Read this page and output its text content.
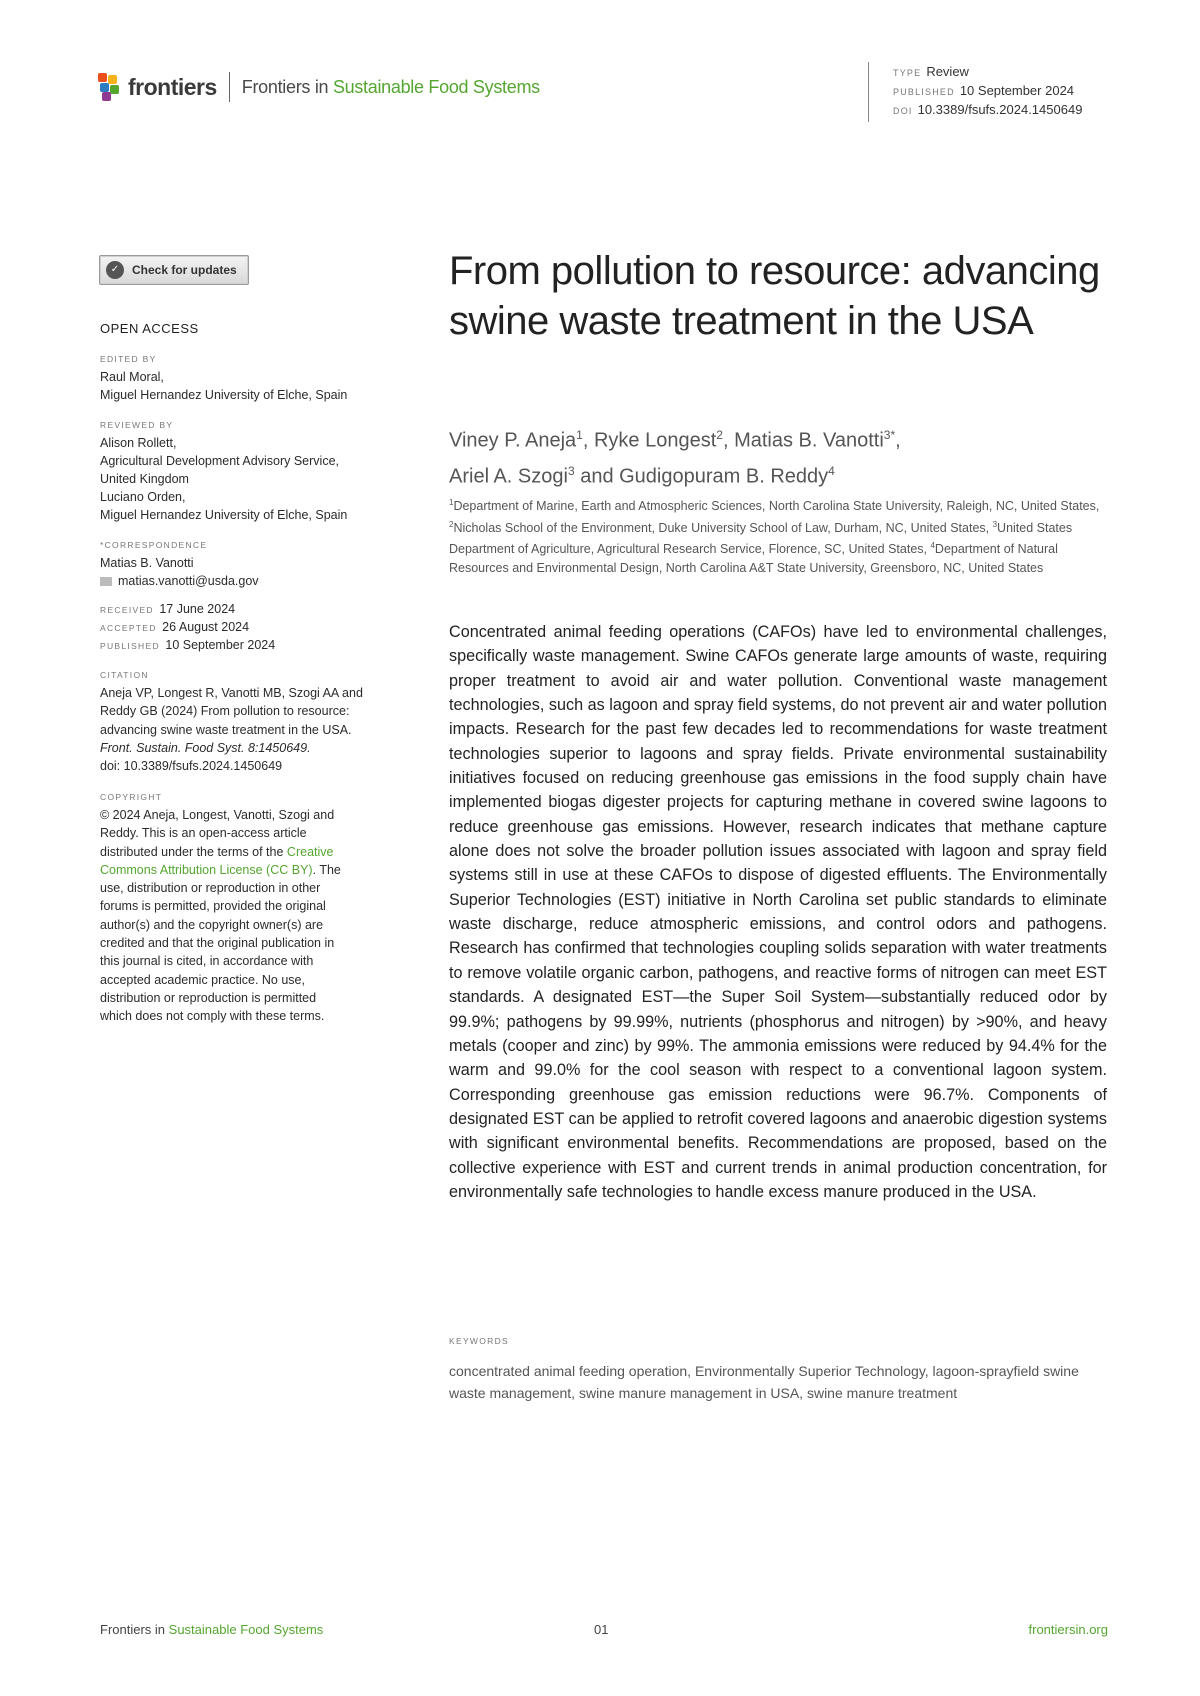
frontiers Frontiers in Sustainable Food Systems
TYPE Review
PUBLISHED 10 September 2024
DOI 10.3389/fsufs.2024.1450649
✓	Check for updates
OPEN ACCESS
EDITED BY
Raul Moral,
Miguel Hernandez University of Elche, Spain
REVIEWED BY
Alison Rollett,
Agricultural Development Advisory Service,
United Kingdom
Luciano Orden,
Miguel Hernandez University of Elche, Spain
*CORRESPONDENCE
Matias B. Vanotti
matias.vanotti@usda.gov
RECEIVED 17 June 2024
ACCEPTED 26 August 2024
PUBLISHED 10 September 2024
CITATION
Aneja VP, Longest R, Vanotti MB, Szogi AA and
Reddy GB (2024) From pollution to resource:
advancing swine waste treatment in the USA.
Front. Sustain. Food Syst. 8:1450649.
doi: 10.3389/fsufs.2024.1450649
COPYRIGHT
© 2024 Aneja, Longest, Vanotti, Szogi and
Reddy. This is an open-access article
distributed under the terms of the Creative
Commons Attribution License (CC BY). The
use, distribution or reproduction in other
forums is permitted, provided the original
author(s) and the copyright owner(s) are
credited and that the original publication in
this journal is cited, in accordance with
accepted academic practice. No use,
distribution or reproduction is permitted
which does not comply with these terms.
From pollution to resource: advancing swine waste treatment in the USA
Viney P. Aneja$^1$, Ryke Longest$^2$, Matias B. Vanotti$^{3*}$,
Ariel A. Szogi$^3$ and Gudigopuram B. Reddy$^4$
$^1$Department of Marine, Earth and Atmospheric Sciences, North Carolina State University, Raleigh, NC, United States, $^2$Nicholas School of the Environment, Duke University School of Law, Durham, NC, United States, $^3$United States Department of Agriculture, Agricultural Research Service, Florence, SC, United States, $^4$Department of Natural Resources and Environmental Design, North Carolina A&T State University, Greensboro, NC, United States

Concentrated animal feeding operations (CAFOs) have led to environmental challenges, specifically waste management. Swine CAFOs generate large amounts of waste, requiring proper treatment to avoid air and water pollution. Conventional waste management technologies, such as lagoon and spray field systems, do not prevent air and water pollution impacts. Research for the past few decades led to recommendations for waste treatment technologies superior to lagoons and spray fields. Private environmental sustainability initiatives focused on reducing greenhouse gas emissions in the food supply chain have implemented biogas digester projects for capturing methane in covered swine lagoons to reduce greenhouse gas emissions. However, research indicates that methane capture alone does not solve the broader pollution issues associated with lagoon and spray field systems still in use at these CAFOs to dispose of digested effluents. The Environmentally Superior Technologies (EST) initiative in North Carolina set public standards to eliminate waste discharge, reduce atmospheric emissions, and control odors and pathogens. Research has confirmed that technologies coupling solids separation with water treatments to remove volatile organic carbon, pathogens, and reactive forms of nitrogen can meet EST standards. A designated EST—the Super Soil System—substantially reduced odor by 99.9%; pathogens by 99.99%, nutrients (phosphorus and nitrogen) by >90%, and heavy metals (cooper and zinc) by 99%. The ammonia emissions were reduced by 94.4% for the warm and 99.0% for the cool season with respect to a conventional lagoon system. Corresponding greenhouse gas emission reductions were 96.7%. Components of designated EST can be applied to retrofit covered lagoons and anaerobic digestion systems with significant environmental benefits. Recommendations are proposed, based on the collective experience with EST and current trends in animal production concentration, for environmentally safe technologies to handle excess manure produced in the USA.

KEYWORDS
concentrated animal feeding operation, Environmentally Superior Technology, lagoon-sprayfield swine waste management, swine manure management in USA, swine manure treatment
Frontiers in Sustainable Food Systems	01	frontiersin.org
